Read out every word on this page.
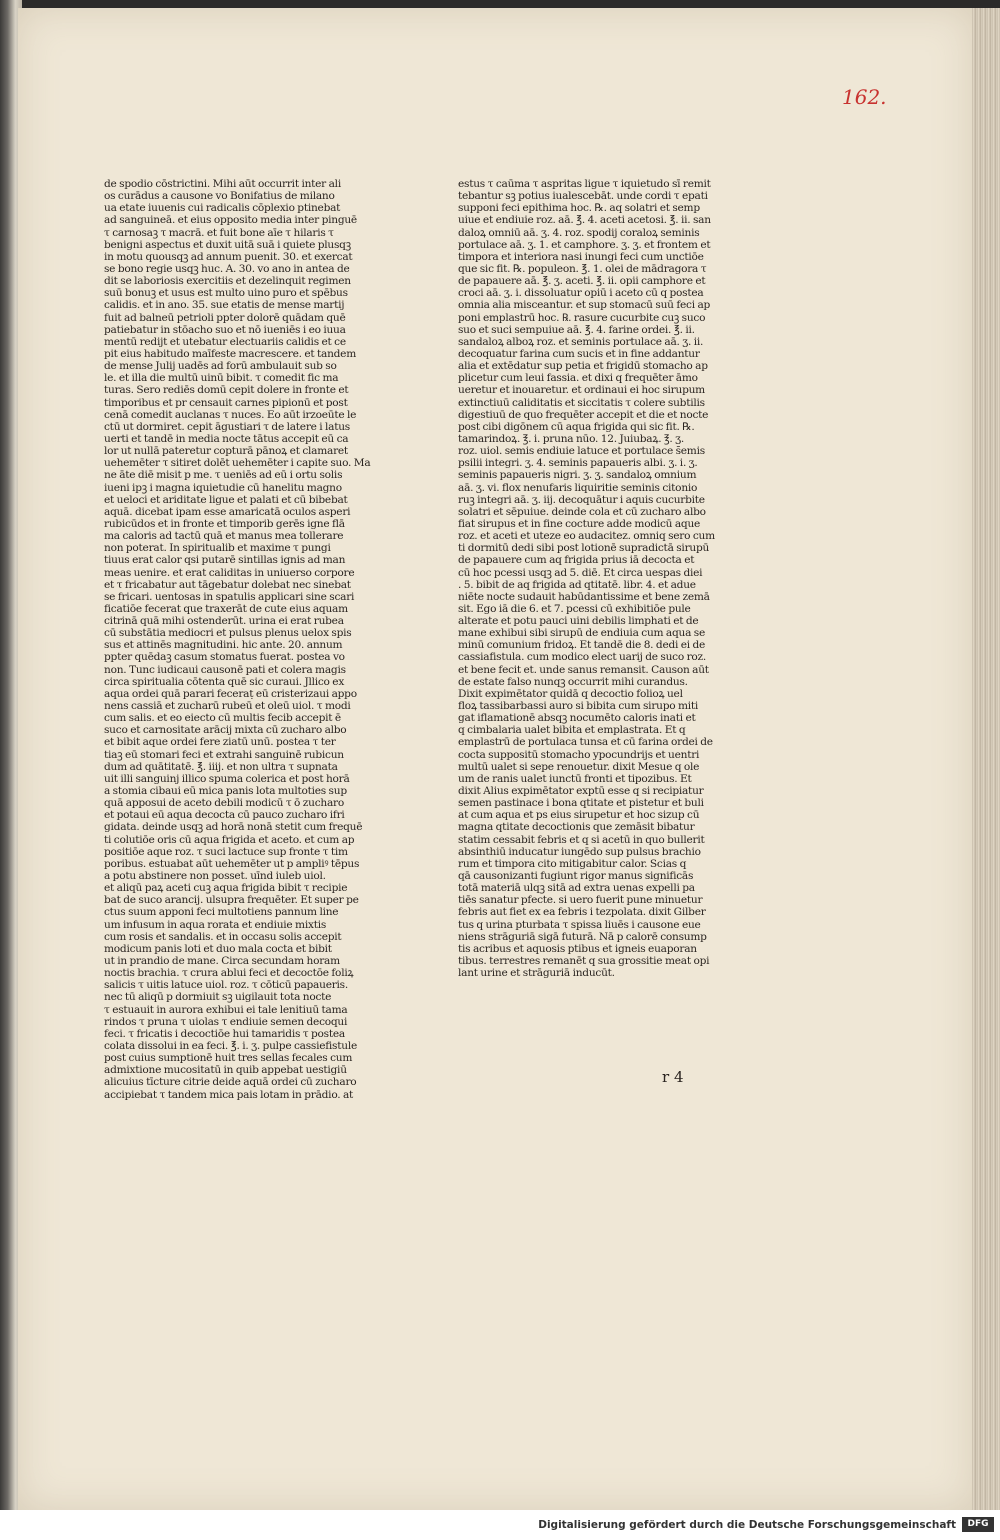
162.
de spodio cōstrictini. Mihi aūt occurrit inter ali
os curādus a causone vo Bonifatius de milano
ua etate iuuenis cui radicalis cōplexio ptinebat
ad sanguineā. et eius opposito media inter pinguē
τ carnosaꝫ τ macrā. et fuit bone aīe τ hilaris τ
benigni aspectus et duxit uitā suā i quiete plusqꝫ
in motu quousqꝫ ad annum puenit. 30. et exercat
se bono regie usqꝫ huc. A. 30. vo ano in antea de
dit se laboriosis exercitiis et dezelinquit regimen
suū bonuꝫ et usus est multo uino puro et spēbus
calidis. et in ano. 35. sue etatis de mense martij
fuit ad balneū petrioli ppter dolorē quādam quē
patiebatur in stōacho suo et nō iueniēs i eo iuua
mentū redijt et utebatur electuariis calidis et ce
pit eius habitudo maīfeste macrescere. et tandem
de mense Julij uadēs ad forū ambulauit sub so
le. et illa die multū uinū bibit. τ comedit fic ma
turas. Sero rediēs domū cepit dolere in fronte et
timporibus et pr censauit carnes pipionū et post
cenā comedit auclanas τ nuces. Eo aūt irzoeūte le
ctū ut dormiret. cepit āgustiari τ de latere i latus
uerti et tandē in media nocte tātus accepit eū ca
lor ut nullā pateretur copturā pānoꝝ et clamaret
uehemēter τ sitiret dolēt uehemēter i capite suo. Ma
ne āte diē misit p me. τ ueniēs ad eū i ortu solis
iueni ipꝫ i magna iquietudie cū hanelitu magno
et ueloci et ariditate ligue et palati et cū bibebat
aquā. dicebat ipam esse amaricatā oculos asperi
rubicūdos et in fronte et timporib gerēs igne flā
ma caloris ad tactū quā et manus mea tollerare
non poterat. In spiritualib et maxime τ pungi
tiuus erat calor qsi putarē sintillas ignis ad man
meas uenire. et erat caliditas in uniuerso corpore
et τ fricabatur aut tāgebatur dolebat nec sinebat
se fricari. uentosas in spatulis applicari sine scari
ficatiōe fecerat que traxerāt de cute eius aquam
citrinā quā mihi ostenderūt. urina ei erat rubea
cū substātia mediocri et pulsus plenus uelox spis
sus et attinēs magnitudini. hic ante. 20. annum
ppter quēdaꝫ casum stomatus fuerat. postea vo
non. Tunc iudicaui causonē pati et colera magis
circa spiritualia cōtenta quē sic curaui. Jllico ex
aqua ordei quā parari feceraṭ eū cristerizaui appo
nens cassiā et zucharū rubeū et oleū uiol. τ modi
cum salis. et eo eiecto cū multis fecib accepit ē
suco et carnositate arācij mixta cū zucharo albo
et bibit aque ordei fere ziatū unū. postea τ ter
tiaꝫ eū stomari feci et extrahi sanguinē rubicun
dum ad quātitatē. ℥. iiij. et non ultra τ supnata
uit illi sanguinj illico spuma colerica et post horā
a stomia cibaui eū mica panis lota multoties sup
quā apposui de aceto debili modicū τ ō zucharo
et potaui eū aqua decocta cū pauco zucharo ifri
gidata. deinde usqꝫ ad horā nonā stetit cum frequē
ti colutiōe oris cū aqua frigida et aceto. et cum ap
positiōe aque roz. τ suci lactuce sup fronte τ tim
poribus. estuabat aūt uehemēter ut p ampliꝰ tēpus
a potu abstinere non posset. uīnd iuleb uiol.
et aliqū paꝝ aceti cuꝫ aqua frigida bibit τ recipie
bat de suco arancij. ulsupra frequēter. Et super pe
ctus suum apponi feci multotiens pannum line
um infusum in aqua rorata et endiuie mixtis
cum rosis et sandalis. et in occasu solis accepit
modicum panis loti et duo mala cocta et bibit
ut in prandio de mane. Circa secundam horam
noctis brachia. τ crura ablui feci et decoctōe foliꝝ
salicis τ uitis latuce uiol. roz. τ cōticū papaueris.
nec tū aliqū p dormiuit sꝫ uigilauit tota nocte
τ estuauit in aurora exhibui ei tale lenitiuū tama
rindos τ pruna τ uiolas τ endiuie semen decoqui
feci. τ fricatis i decoctiōe hui tamaridis τ postea
colata dissolui in ea feci. ℥. i. ʒ. pulpe cassiefistule
post cuius sumptionē huit tres sellas fecales cum
admixtione mucositatū in quib appebat uestigiū
alicuius tīcture citrie deide aquā ordei cū zucharo
accipiebat τ tandem mica pais lotam in prādio. at
estus τ caūma τ aspritas ligue τ iquietudo sī remit
tebantur sꝫ potius iualescebāt. unde cordi τ epati
supponi feci epithima hoc. ℞. aq solatri et semp
uiue et endiuie roz. aā. ℥. 4. aceti acetosi. ℥. ii. san
daloꝝ omniū aā. ʒ. 4. roz. spodij coraloꝝ seminis
portulace aā. ʒ. 1. et camphore. ʒ. ʒ. et frontem et
timpora et interiora nasi inungi feci cum unctiōe
que sic fit. ℞. populeon. ℥. 1. olei de mādragora τ
de papauere aā. ℥. ʒ. aceti. ℥. ii. opii camphore et
croci aā. ʒ. i. dissoluatur opiū i aceto cū q postea
omnia alia misceantur. et sup stomacū suū feci ap
poni emplastrū hoc. ℞. rasure cucurbite cuꝫ suco
suo et suci sempuiue aā. ℥. 4. farine ordei. ℥. ii.
sandaloꝝ alboꝝ roz. et seminis portulace aā. ʒ. ii.
decoquatur farina cum sucis et in fine addantur
alia et extēdatur sup petia et frigidū stomacho ap
plicetur cum leui fassia. et dixi q frequēter āmo
ueretur et inouaretur. et ordinaui ei hoc sirupum
extinctiuū caliditatis et siccitatis τ colere subtilis
digestiuū de quo frequēter accepit et die et nocte
post cibi digōnem cū aqua frigida qui sic fit. ℞.
tamarindoꝝ. ℥. i. pruna nūo. 12. Juiubaꝝ. ℥. ʒ.
roz. uiol. semis endiuie latuce et portulace s̄emis
psilii integri. ʒ. 4. seminis papaueris albi. ʒ. i. ʒ.
seminis papaueris nigri. ʒ. ʒ. sandaloꝝ omnium
aā. ʒ. vi. flox nenufaris liquiritie seminis citonio
ruꝫ integri aā. ʒ. iij. decoquātur i aquis cucurbite
solatri et sēpuiue. deinde cola et cū zucharo albo
fiat sirupus et in fine cocture adde modicū aque
roz. et aceti et uteze eo audacitez. omniq sero cum
ti dormitū dedi sibi post lotionē supradictā sirupū
de papauere cum aq frigida prius iā decocta et
cū hoc pcessi usqꝫ ad 5. diē. Et circa uespas diei
. 5. bibit de aq frigida ad qtitatē. libr. 4. et adue
niēte nocte sudauit habūdantissime et bene zemā
sit. Ego iā die 6. et 7. pcessi cū exhibitiōe pule
alterate et potu pauci uini debilis limphati et de
mane exhibui sibi sirupū de endiuia cum aqua se
minū comunium fridoꝝ. Et tandē die 8. dedi ei de
cassiafistula. cum modico elect uarij de suco roz.
et bene fecit et. unde sanus remansit. Causon aūt
de estate falso nunqꝫ occurrit mihi curandus.
Dixit expimētator quidā q decoctio folioꝝ uel
floꝝ tassibarbassi auro si bibita cum sirupo miti
gat iflamationē absqꝫ nocumēto caloris inati et
q cimbalaria ualet bibita et emplastrata. Et q
emplastrū de portulaca tunsa et cū farina ordei de
cocta suppositū stomacho ypocundrijs et uentri
multū ualet si sepe renouetur. dixit Mesue q ole
um de ranis ualet iunctū fronti et tipozibus. Et
dixit Alius expimētator exptū esse q si recipiatur
semen pastinace i bona qtitate et pistetur et buli
at cum aqua et ps eius sirupetur et hoc sizup cū
magna qtitate decoctionis que zemāsit bibatur
statim cessabit febris et q si acetū in quo bullerit
absinthiū inducatur iungēdo sup pulsus brachio
rum et timpora cito mitigabitur calor. Scias q
qā causonizanti fugiunt rigor manus significās
totā materiā ulqꝫ sitā ad extra uenas expelli pa
tiēs sanatur pfecte. si uero fuerit pune minuetur
febris aut fiet ex ea febris i tezpolata. dixit Gilber
tus q urina pturbata τ spissa liuēs i causone eue
niens strāguriā sigā futurā. Nā p calorē consump
tis acribus et aquosis ptibus et igneis euaporan
tibus. terrestres remanēt q sua grossitie meat opi
lant urine et strāguriā inducūt.
r 4
Digitalisierung gefördert durch die Deutsche Forschungsgemeinschaft	DFG
